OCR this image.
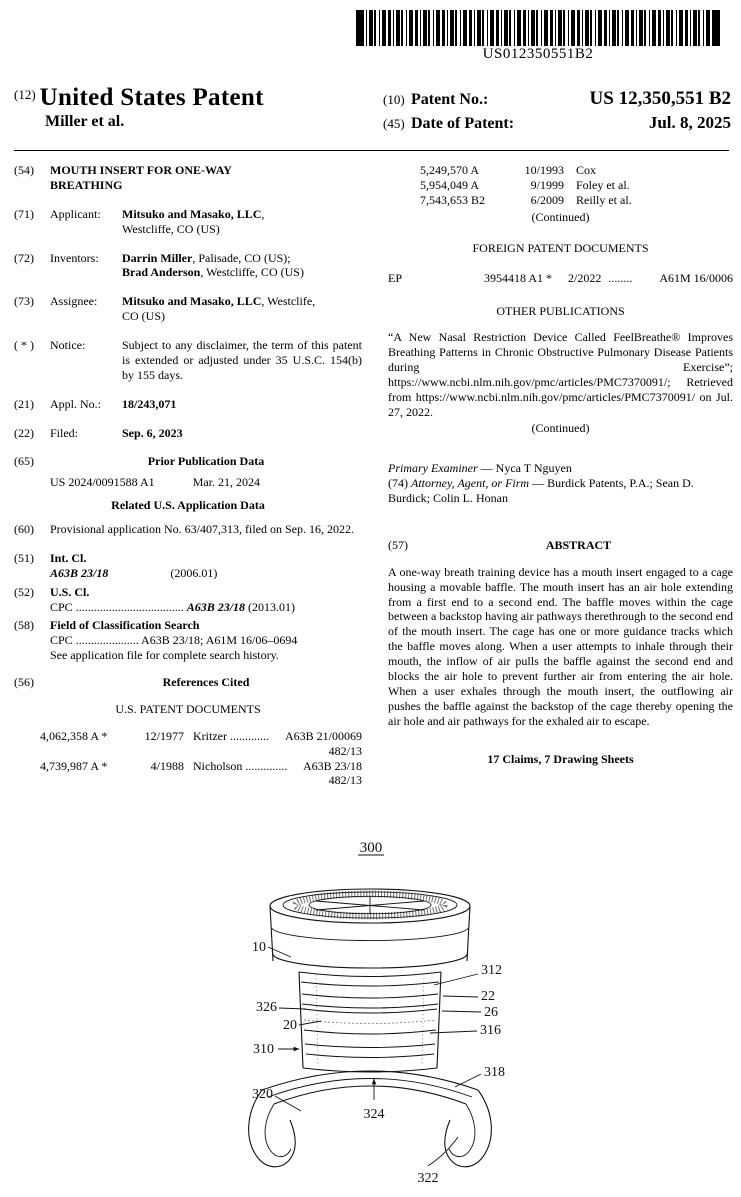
US012350551B2
$^{(12)}$ United States Patent
Miller et al.
(10) Patent No.:	US 12,350,551 B2
(45) Date of Patent:	Jul. 8, 2025
(54)	MOUTH INSERT FOR ONE-WAY BREATHING
(71)	Applicant:	Mitsuko and Masako, LLC,
Westcliffe, CO (US)
(72)	Inventors:	Darrin Miller, Palisade, CO (US);
Brad Anderson, Westcliffe, CO (US)
(73)	Assignee:	Mitsuko and Masako, LLC, Westclife,
CO (US)
( * )	Notice:	Subject to any disclaimer, the term of this patent is extended or adjusted under 35 U.S.C. 154(b) by 155 days.
(21)	Appl. No.:	18/243,071
(22)	Filed:	Sep. 6, 2023
(65)	Prior Publication Data
US 2024/0091588 A1	Mar. 21, 2024
Related U.S. Application Data
(60)	Provisional application No. 63/407,313, filed on Sep. 16, 2022.
(51)	Int. Cl.
A63B 23/18	(2006.01)
(52)	U.S. Cl.
CPC .................................... A63B 23/18 (2013.01)
(58)	Field of Classification Search
CPC ..................... A63B 23/18; A61M 16/06–0694
See application file for complete search history.
(56)	References Cited
U.S. PATENT DOCUMENTS
4,062,358 A *	12/1977 Kritzer ............. A63B 21/00069
482/13
4,739,987 A *	4/1988 Nicholson .............. A63B 23/18
482/13
5,249,570 A	10/1993	Cox
5,954,049 A	9/1999	Foley et al.
7,543,653 B2	6/2009	Reilly et al.
(Continued)
FOREIGN PATENT DOCUMENTS
EP	3954418 A1 *	2/2022 ........	A61M 16/0006
OTHER PUBLICATIONS
“A New Nasal Restriction Device Called FeelBreathe® Improves Breathing Patterns in Chronic Obstructive Pulmonary Disease Patients during Exercise”; https://www.ncbi.nlm.nih.gov/pmc/articles/PMC7370091/; Retrieved from https://www.ncbi.nlm.nih.gov/pmc/articles/PMC7370091/ on Jul. 27, 2022.
(Continued)
Primary Examiner — Nyca T Nguyen
(74) Attorney, Agent, or Firm — Burdick Patents, P.A.; Sean D. Burdick; Colin L. Honan
(57)	ABSTRACT
A one-way breath training device has a mouth insert engaged to a cage housing a movable baffle. The mouth insert has an air hole extending from a first end to a second end. The baffle moves within the cage between a backstop having air pathways therethrough to the second end of the mouth insert. The cage has one or more guidance tracks which the baffle moves along. When a user attempts to inhale through their mouth, the inflow of air pulls the baffle against the second end and blocks the air hole to prevent further air from entering the air hole. When a user exhales through the mouth insert, the outflowing air pushes the baffle against the backstop of the cage thereby opening the air hole and air pathways for the exhaled air to escape.
17 Claims, 7 Drawing Sheets
300
10
312
22
326	26
20	316
310
318
320
324
322
